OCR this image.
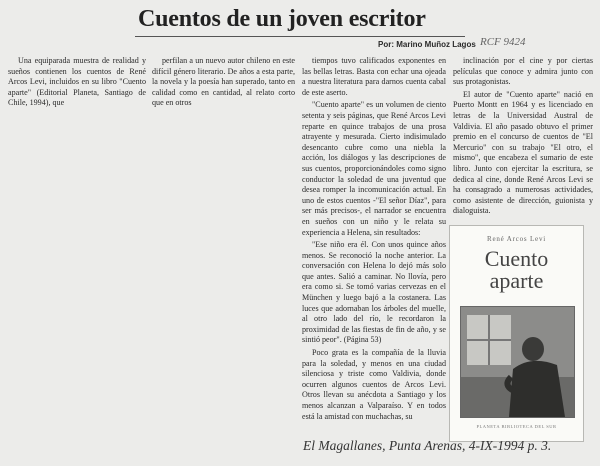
Cuentos de un joven escritor
Por: Marino Muñoz Lagos RCF 9424

Una equiparada muestra de realidad y sueños contienen los cuentos de René Arcos Levi, incluidos en su libro "Cuento aparte" (Editorial Planeta, Santiago de Chile, 1994), que

perfilan a un nuevo autor chileno en este difícil género literario. De años a esta parte, la novela y la poesía han superado, tanto en calidad como en cantidad, al relato corto que en otros

tiempos tuvo calificados exponentes en las bellas letras. Basta con echar una ojeada a nuestra literatura para darnos cuenta cabal de este aserto.

"Cuento aparte" es un volumen de ciento setenta y seis páginas, que René Arcos Levi reparte en quince trabajos de una prosa atrayente y mesurada. Cierto indisimulado desencanto cubre como una niebla la acción, los diálogos y las descripciones de sus cuentos, proporcionándoles como signo conductor la soledad de una juventud que desea romper la incomunicación actual. En uno de estos cuentos -"El señor Díaz", para ser más precisos-, el narrador se encuentra en sueños con un niño y le relata su experiencia a Helena, sin resultados:

"Ese niño era él. Con unos quince años menos. Se reconoció la noche anterior. La conversación con Helena lo dejó más solo que antes. Salió a caminar. No llovía, pero era como si. Se tomó varias cervezas en el München y luego bajó a la costanera. Las luces que adornaban los árboles del muelle, al otro lado del río, le recordaron la proximidad de las fiestas de fin de año, y se sintió peor". (Página 53)

Poco grata es la compañía de la lluvia para la soledad, y menos en una ciudad silenciosa y triste como Valdivia, donde ocurren algunos cuentos de Arcos Levi. Otros llevan su anécdota a Santiago y los menos alcanzan a Valparaíso. Y en todos está la amistad con muchachas, su

inclinación por el cine y por ciertas películas que conoce y admira junto con sus protagonistas.

El autor de "Cuento aparte" nació en Puerto Montt en 1964 y es licenciado en letras de la Universidad Austral de Valdivia. El año pasado obtuvo el primer premio en el concurso de cuentos de "El Mercurio" con su trabajo "El otro, el mismo", que encabeza el sumario de este libro. Junto con ejercitar la escritura, se dedica al cine, donde René Arcos Levi se ha consagrado a numerosas actividades, como asistente de dirección, guionista y dialoguista.

René Arcos Levi
Cuento
aparte
PLANETA BIBLIOTECA DEL SUR
El Magallanes, Punta Arenas, 4-IX-1994 p. 3.
